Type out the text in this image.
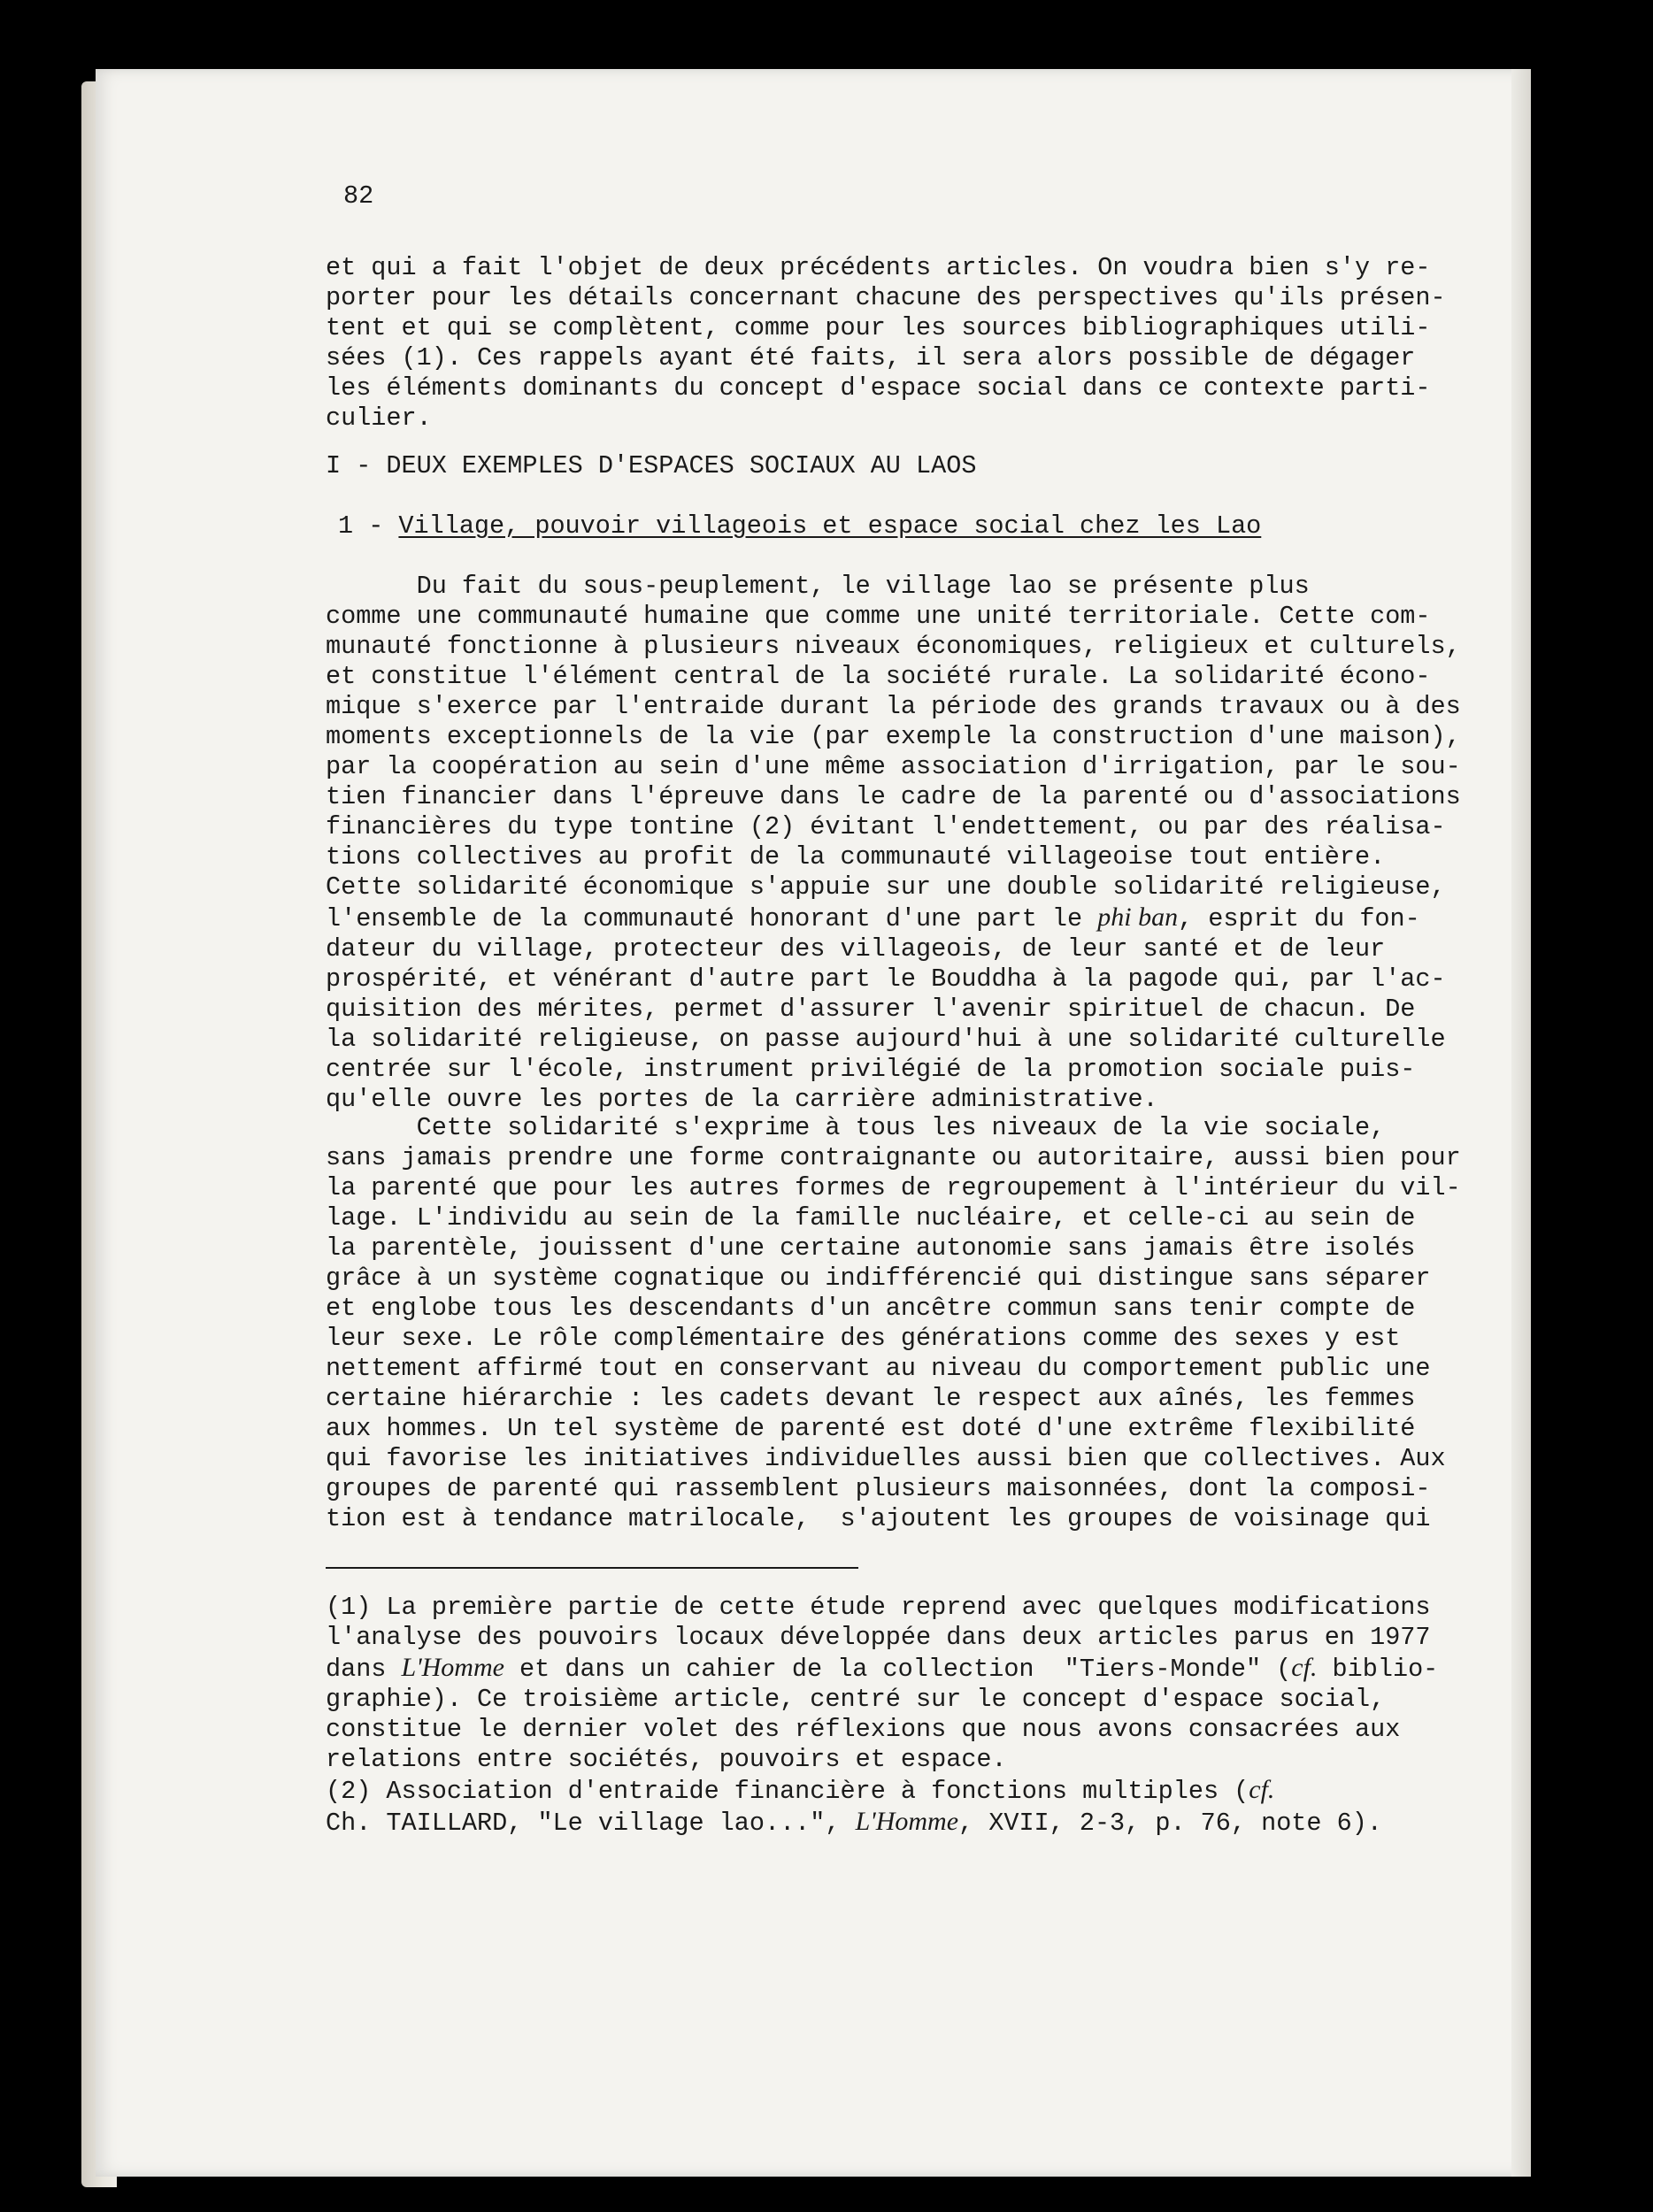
82
et qui a fait l'objet de deux précédents articles. On voudra bien s'y re-
porter pour les détails concernant chacune des perspectives qu'ils présen-
tent et qui se complètent, comme pour les sources bibliographiques utili-
sées (1). Ces rappels ayant été faits, il sera alors possible de dégager
les éléments dominants du concept d'espace social dans ce contexte parti-
culier.
I - DEUX EXEMPLES D'ESPACES SOCIAUX AU LAOS
1 - Village, pouvoir villageois et espace social chez les Lao
Du fait du sous-peuplement, le village lao se présente plus
comme une communauté humaine que comme une unité territoriale. Cette com-
munauté fonctionne à plusieurs niveaux économiques, religieux et culturels,
et constitue l'élément central de la société rurale. La solidarité écono-
mique s'exerce par l'entraide durant la période des grands travaux ou à des
moments exceptionnels de la vie (par exemple la construction d'une maison),
par la coopération au sein d'une même association d'irrigation, par le sou-
tien financier dans l'épreuve dans le cadre de la parenté ou d'associations
financières du type tontine (2) évitant l'endettement, ou par des réalisa-
tions collectives au profit de la communauté villageoise tout entière.
Cette solidarité économique s'appuie sur une double solidarité religieuse,
l'ensemble de la communauté honorant d'une part le phi ban, esprit du fon-
dateur du village, protecteur des villageois, de leur santé et de leur
prospérité, et vénérant d'autre part le Bouddha à la pagode qui, par l'ac-
quisition des mérites, permet d'assurer l'avenir spirituel de chacun. De
la solidarité religieuse, on passe aujourd'hui à une solidarité culturelle
centrée sur l'école, instrument privilégié de la promotion sociale puis-
qu'elle ouvre les portes de la carrière administrative.
Cette solidarité s'exprime à tous les niveaux de la vie sociale,
sans jamais prendre une forme contraignante ou autoritaire, aussi bien pour
la parenté que pour les autres formes de regroupement à l'intérieur du vil-
lage. L'individu au sein de la famille nucléaire, et celle-ci au sein de
la parentèle, jouissent d'une certaine autonomie sans jamais être isolés
grâce à un système cognatique ou indifférencié qui distingue sans séparer
et englobe tous les descendants d'un ancêtre commun sans tenir compte de
leur sexe. Le rôle complémentaire des générations comme des sexes y est
nettement affirmé tout en conservant au niveau du comportement public une
certaine hiérarchie : les cadets devant le respect aux aînés, les femmes
aux hommes. Un tel système de parenté est doté d'une extrême flexibilité
qui favorise les initiatives individuelles aussi bien que collectives. Aux
groupes de parenté qui rassemblent plusieurs maisonnées, dont la composi-
tion est à tendance matrilocale,  s'ajoutent les groupes de voisinage qui
(1) La première partie de cette étude reprend avec quelques modifications
l'analyse des pouvoirs locaux développée dans deux articles parus en 1977
dans L'Homme et dans un cahier de la collection  "Tiers-Monde" (cf. biblio-
graphie). Ce troisième article, centré sur le concept d'espace social,
constitue le dernier volet des réflexions que nous avons consacrées aux
relations entre sociétés, pouvoirs et espace.
(2) Association d'entraide financière à fonctions multiples (cf.
Ch. TAILLARD, "Le village lao...", L'Homme, XVII, 2-3, p. 76, note 6).
